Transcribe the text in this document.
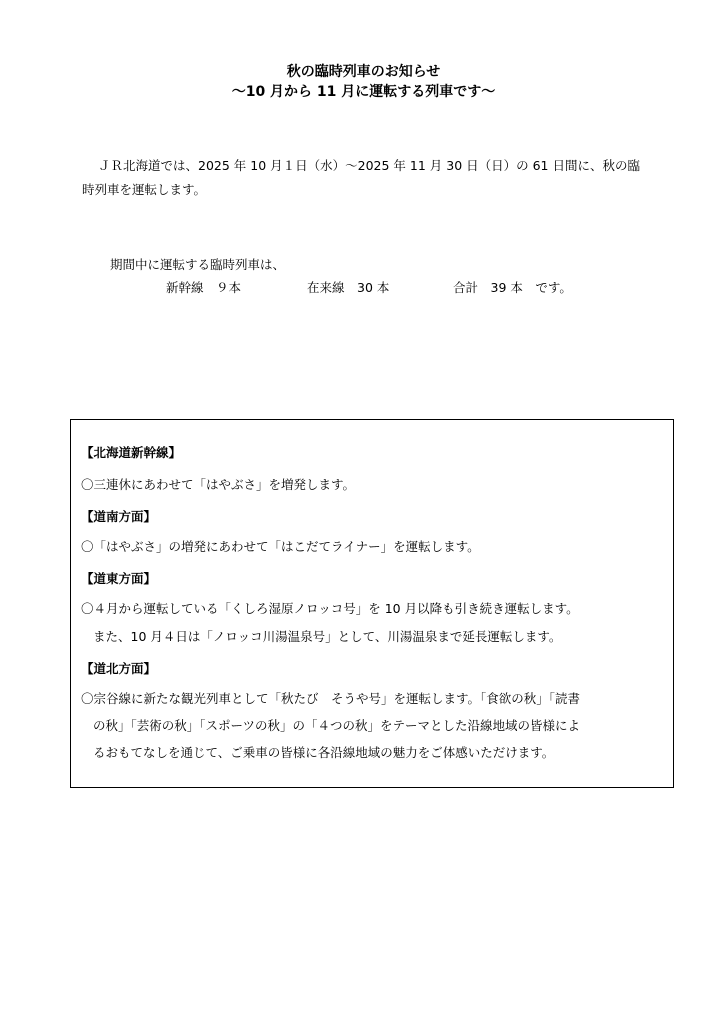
秋の臨時列車のお知らせ
～10 月から 11 月に運転する列車です～
ＪＲ北海道では、2025 年 10 月１日（水）～2025 年 11 月 30 日（日）の 61 日間に、秋の臨
時列車を運転します。
期間中に運転する臨時列車は、
新幹線　９本	在来線　30 本	合計　39 本　です。
【北海道新幹線】
〇三連休にあわせて「はやぶさ」を増発します。
【道南方面】
〇「はやぶさ」の増発にあわせて「はこだてライナー」を運転します。
【道東方面】
〇４月から運転している「くしろ湿原ノロッコ号」を 10 月以降も引き続き運転します。
また、10 月４日は「ノロッコ川湯温泉号」として、川湯温泉まで延長運転します。
【道北方面】
〇宗谷線に新たな観光列車として「秋たび　そうや号」を運転します。「食欲の秋」「読書
の秋」「芸術の秋」「スポーツの秋」の「４つの秋」をテーマとした沿線地域の皆様によ
るおもてなしを通じて、ご乗車の皆様に各沿線地域の魅力をご体感いただけます。
